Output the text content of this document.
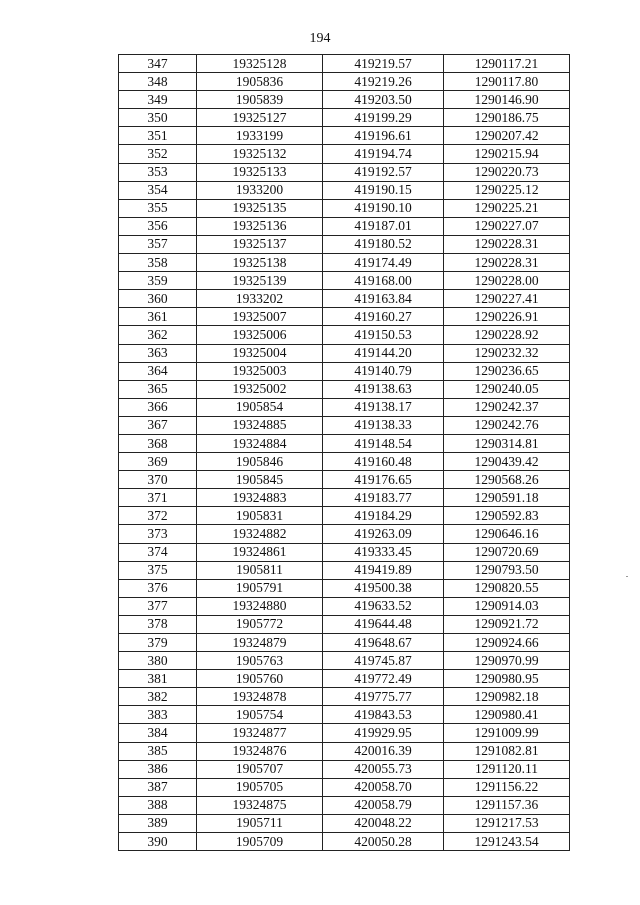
194
347	19325128	419219.57	1290117.21
348	1905836	419219.26	1290117.80
349	1905839	419203.50	1290146.90
350	19325127	419199.29	1290186.75
351	1933199	419196.61	1290207.42
352	19325132	419194.74	1290215.94
353	19325133	419192.57	1290220.73
354	1933200	419190.15	1290225.12
355	19325135	419190.10	1290225.21
356	19325136	419187.01	1290227.07
357	19325137	419180.52	1290228.31
358	19325138	419174.49	1290228.31
359	19325139	419168.00	1290228.00
360	1933202	419163.84	1290227.41
361	19325007	419160.27	1290226.91
362	19325006	419150.53	1290228.92
363	19325004	419144.20	1290232.32
364	19325003	419140.79	1290236.65
365	19325002	419138.63	1290240.05
366	1905854	419138.17	1290242.37
367	19324885	419138.33	1290242.76
368	19324884	419148.54	1290314.81
369	1905846	419160.48	1290439.42
370	1905845	419176.65	1290568.26
371	19324883	419183.77	1290591.18
372	1905831	419184.29	1290592.83
373	19324882	419263.09	1290646.16
374	19324861	419333.45	1290720.69
375	1905811	419419.89	1290793.50
376	1905791	419500.38	1290820.55
377	19324880	419633.52	1290914.03
378	1905772	419644.48	1290921.72
379	19324879	419648.67	1290924.66
380	1905763	419745.87	1290970.99
381	1905760	419772.49	1290980.95
382	19324878	419775.77	1290982.18
383	1905754	419843.53	1290980.41
384	19324877	419929.95	1291009.99
385	19324876	420016.39	1291082.81
386	1905707	420055.73	1291120.11
387	1905705	420058.70	1291156.22
388	19324875	420058.79	1291157.36
389	1905711	420048.22	1291217.53
390	1905709	420050.28	1291243.54
